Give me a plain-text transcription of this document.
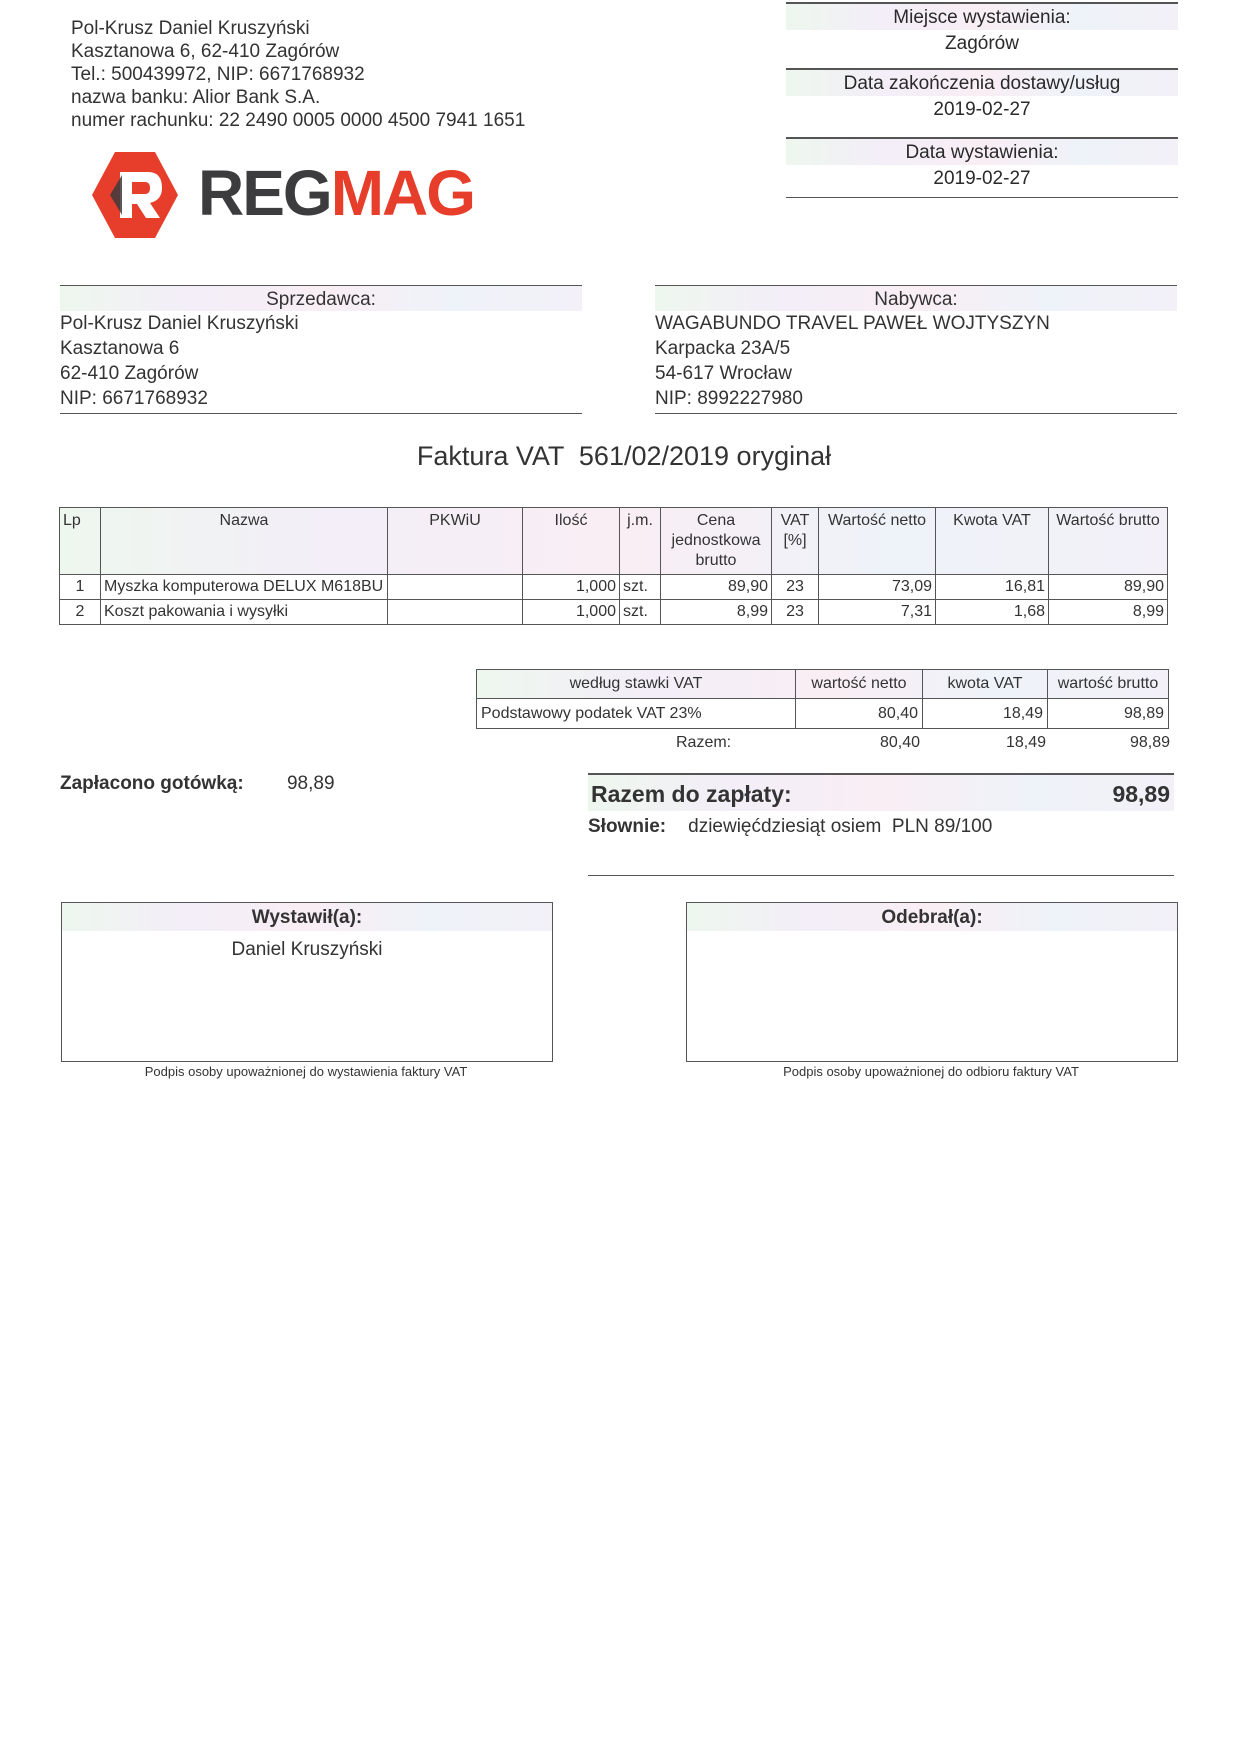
Pol-Krusz Daniel Kruszyński
Kasztanowa 6, 62-410 Zagórów
Tel.: 500439972, NIP: 6671768932
nazwa banku: Alior Bank S.A.
numer rachunku: 22 2490 0005 0000 4500 7941 1651
REGMAG
Miejsce wystawienia:
Zagórów
Data zakończenia dostawy/usług
2019-02-27
Data wystawienia:
2019-02-27
Sprzedawca:
Pol-Krusz Daniel Kruszyński
Kasztanowa 6
62-410 Zagórów
NIP: 6671768932
Nabywca:
WAGABUNDO TRAVEL PAWEŁ WOJTYSZYN
Karpacka 23A/5
54-617 Wrocław
NIP: 8992227980
Faktura VAT  561/02/2019 oryginał
Lp	Nazwa	PKWiU	Ilość	j.m.	Cena jednostkowa brutto	VAT [%]	Wartość netto	Kwota VAT	Wartość brutto
1	Myszka komputerowa DELUX M618BU		1,000	szt.	89,90	23	73,09	16,81	89,90
2	Koszt pakowania i wysyłki		1,000	szt.	8,99	23	7,31	1,68	8,99
według stawki VAT	wartość netto	kwota VAT	wartość brutto
Podstawowy podatek VAT 23%	80,40	18,49	98,89
Razem:	80,40	18,49	98,89
Zapłacono gotówką: 98,89	Razem do zapłaty:	98,89
Słownie: dziewięćdziesiąt osiem  PLN 89/100
Wystawił(a):
Daniel Kruszyński
Podpis osoby upoważnionej do wystawienia faktury VAT
Odebrał(a):
Podpis osoby upoważnionej do odbioru faktury VAT
